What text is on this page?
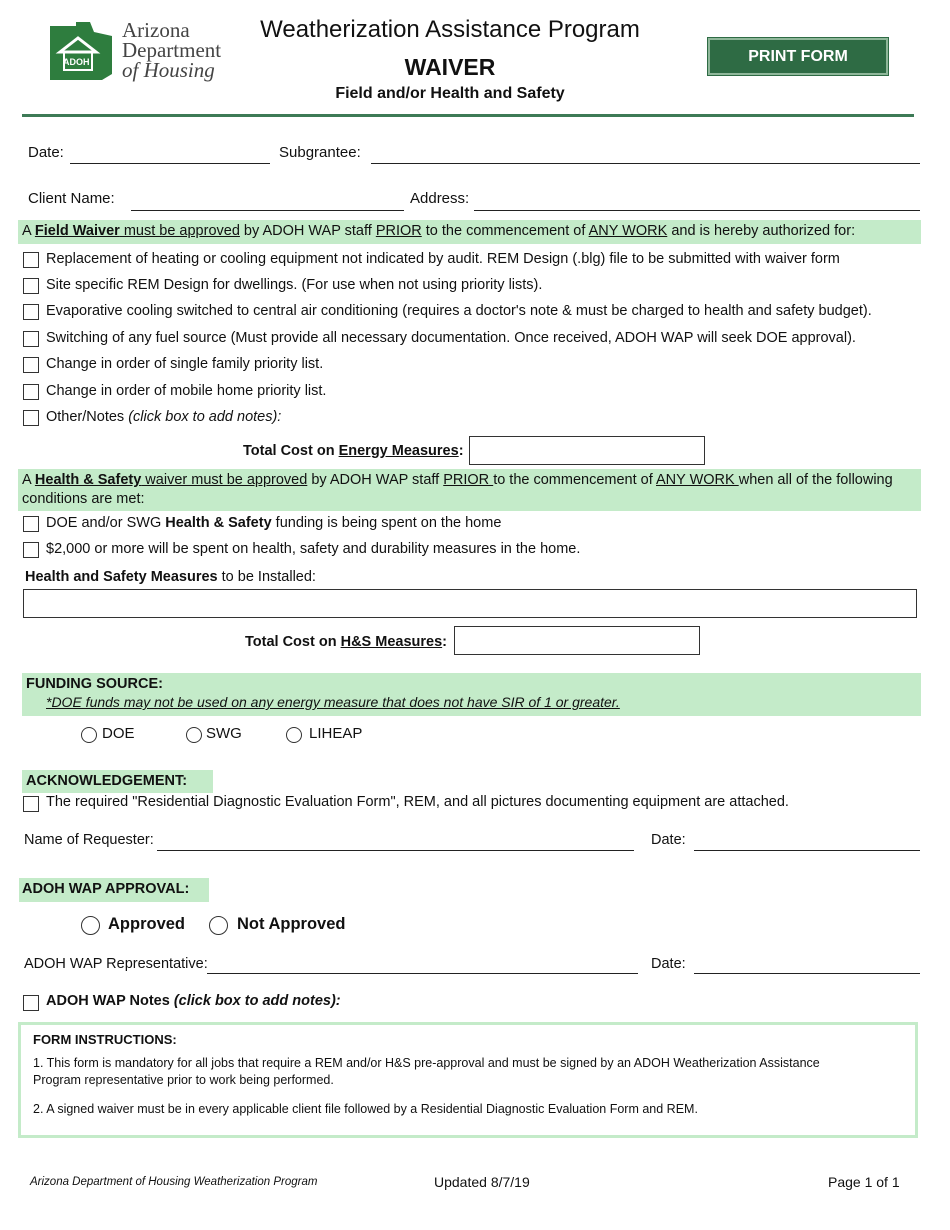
ADOH
Arizona
Department
of Housing
Weatherization Assistance Program
WAIVER
Field and/or Health and Safety
PRINT FORM
Date:	Subgrantee:
Client Name:	Address:
A Field Waiver must be approved by ADOH WAP staff PRIOR to the commencement of ANY WORK and is hereby authorized for:
Replacement of heating or cooling equipment not indicated by audit. REM Design (.blg) file to be submitted with waiver form
Site specific REM Design for dwellings. (For use when not using priority lists).
Evaporative cooling switched to central air conditioning (requires a doctor's note & must be charged to health and safety budget).
Switching of any fuel source (Must provide all necessary documentation. Once received, ADOH WAP will seek DOE approval).
Change in order of single family priority list.
Change in order of mobile home priority list.
Other/Notes (click box to add notes):
Total Cost on Energy Measures:
A Health & Safety waiver must be approved by ADOH WAP staff PRIOR to the commencement of ANY WORK when all of the following
conditions are met:
DOE and/or SWG Health & Safety funding is being spent on the home
$2,000 or more will be spent on health, safety and durability measures in the home.
Health and Safety Measures to be Installed:
Total Cost on H&S Measures:
FUNDING SOURCE:
*DOE funds may not be used on any energy measure that does not have SIR of 1 or greater.
DOE	SWG	LIHEAP
ACKNOWLEDGEMENT:
The required "Residential Diagnostic Evaluation Form", REM, and all pictures documenting equipment are attached.
Name of Requester:	Date:
ADOH WAP APPROVAL:
Approved	Not Approved
ADOH WAP Representative:	Date:
ADOH WAP Notes (click box to add notes):
FORM INSTRUCTIONS:
1. This form is mandatory for all jobs that require a REM and/or H&S pre-approval and must be signed by an ADOH Weatherization Assistance
Program representative prior to work being performed.
2. A signed waiver must be in every applicable client file followed by a Residential Diagnostic Evaluation Form and REM.
Arizona Department of Housing Weatherization Program	Updated 8/7/19	Page 1 of 1
